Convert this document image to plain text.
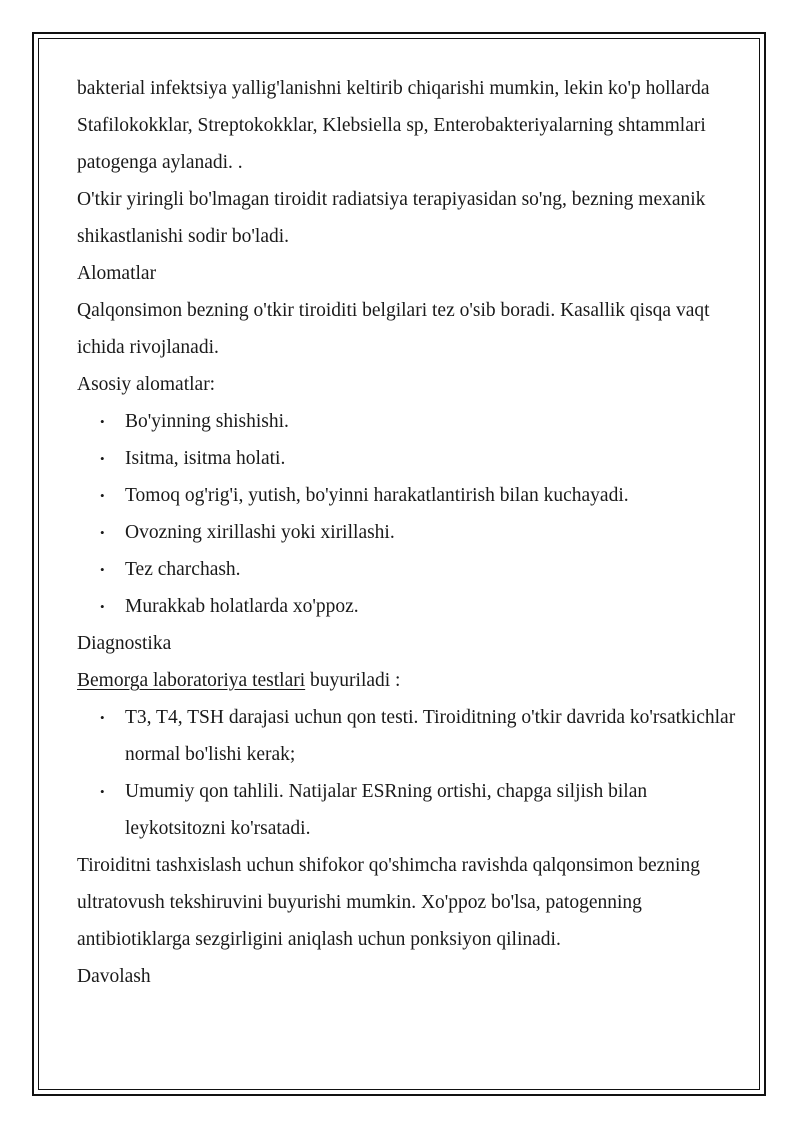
bakterial infektsiya yallig'lanishni keltirib chiqarishi mumkin, lekin ko'p hollarda Stafilokokklar, Streptokokklar, Klebsiella sp, Enterobakteriyalarning shtammlari patogenga aylanadi. .

O'tkir yiringli bo'lmagan tiroidit radiatsiya terapiyasidan so'ng, bezning mexanik shikastlanishi sodir bo'ladi.

Alomatlar

Qalqonsimon bezning o'tkir tiroiditi belgilari tez o'sib boradi. Kasallik qisqa vaqt ichida rivojlanadi.

Asosiy alomatlar:

• Bo'yinning shishishi.
• Isitma, isitma holati.
• Tomoq og'rig'i, yutish, bo'yinni harakatlantirish bilan kuchayadi.
• Ovozning xirillashi yoki xirillashi.
• Tez charchash.
• Murakkab holatlarda xo'ppoz.

Diagnostika

Bemorga laboratoriya testlari buyuriladi :

• T3, T4, TSH darajasi uchun qon testi. Tiroiditning o'tkir davrida ko'rsatkichlar normal bo'lishi kerak;
• Umumiy qon tahlili. Natijalar ESRning ortishi, chapga siljish bilan leykotsitozni ko'rsatadi.

Tiroiditni tashxislash uchun shifokor qo'shimcha ravishda qalqonsimon bezning ultratovush tekshiruvini buyurishi mumkin. Xo'ppoz bo'lsa, patogenning antibiotiklarga sezgirligini aniqlash uchun ponksiyon qilinadi.

Davolash
